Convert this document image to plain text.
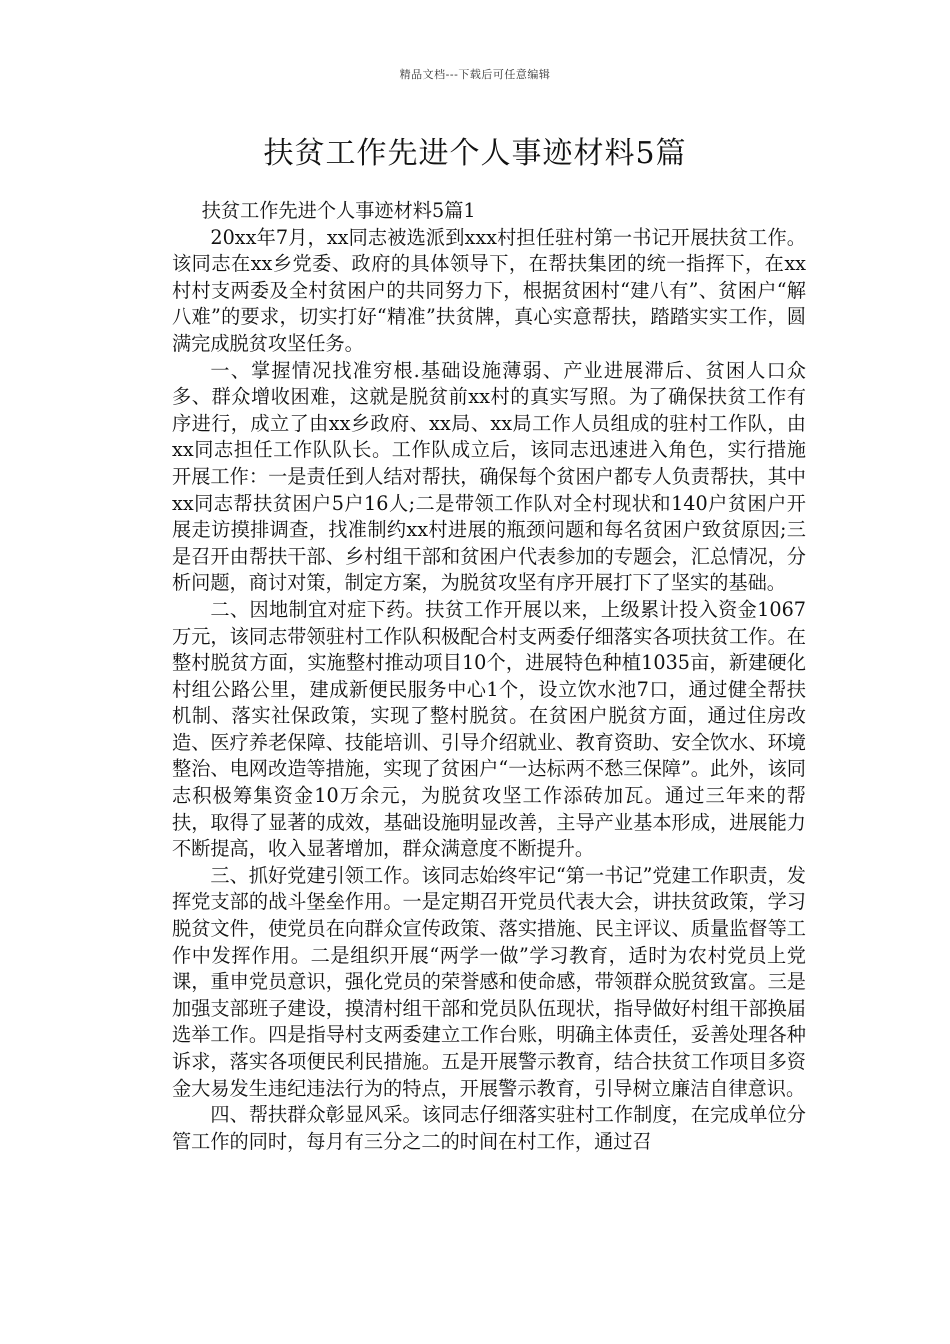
精品文档---下载后可任意编辑
扶贫工作先进个人事迹材料5篇

扶贫工作先进个人事迹材料5篇1

20xx年7月，xx同志被选派到xxx村担任驻村第一书记开展扶贫工作。该同志在xx乡党委、政府的具体领导下，在帮扶集团的统一指挥下，在xx村村支两委及全村贫困户的共同努力下，根据贫困村“建八有”、贫困户“解八难”的要求，切实打好“精准”扶贫牌，真心实意帮扶，踏踏实实工作，圆满完成脱贫攻坚任务。

一、掌握情况找准穷根.基础设施薄弱、产业进展滞后、贫困人口众多、群众增收困难，这就是脱贫前xx村的真实写照。为了确保扶贫工作有序进行，成立了由xx乡政府、xx局、xx局工作人员组成的驻村工作队，由xx同志担任工作队队长。工作队成立后，该同志迅速进入角色，实行措施开展工作：一是责任到人结对帮扶，确保每个贫困户都专人负责帮扶，其中xx同志帮扶贫困户5户16人;二是带领工作队对全村现状和140户贫困户开展走访摸排调查，找准制约xx村进展的瓶颈问题和每名贫困户致贫原因;三是召开由帮扶干部、乡村组干部和贫困户代表参加的专题会，汇总情况，分析问题，商讨对策，制定方案，为脱贫攻坚有序开展打下了坚实的基础。

二、因地制宜对症下药。扶贫工作开展以来，上级累计投入资金1067万元，该同志带领驻村工作队积极配合村支两委仔细落实各项扶贫工作。在整村脱贫方面，实施整村推动项目10个，进展特色种植1035亩，新建硬化村组公路公里，建成新便民服务中心1个，设立饮水池7口，通过健全帮扶机制、落实社保政策，实现了整村脱贫。在贫困户脱贫方面，通过住房改造、医疗养老保障、技能培训、引导介绍就业、教育资助、安全饮水、环境整治、电网改造等措施，实现了贫困户“一达标两不愁三保障”。此外，该同志积极筹集资金10万余元，为脱贫攻坚工作添砖加瓦。通过三年来的帮扶，取得了显著的成效，基础设施明显改善，主导产业基本形成，进展能力不断提高，收入显著增加，群众满意度不断提升。

三、抓好党建引领工作。该同志始终牢记“第一书记”党建工作职责，发挥党支部的战斗堡垒作用。一是定期召开党员代表大会，讲扶贫政策，学习脱贫文件，使党员在向群众宣传政策、落实措施、民主评议、质量监督等工作中发挥作用。二是组织开展“两学一做”学习教育，适时为农村党员上党课，重申党员意识，强化党员的荣誉感和使命感，带领群众脱贫致富。三是加强支部班子建设，摸清村组干部和党员队伍现状，指导做好村组干部换届选举工作。四是指导村支两委建立工作台账，明确主体责任，妥善处理各种诉求，落实各项便民利民措施。五是开展警示教育，结合扶贫工作项目多资金大易发生违纪违法行为的特点，开展警示教育，引导树立廉洁自律意识。

四、帮扶群众彰显风采。该同志仔细落实驻村工作制度，在完成单位分管工作的同时，每月有三分之二的时间在村工作，通过召
